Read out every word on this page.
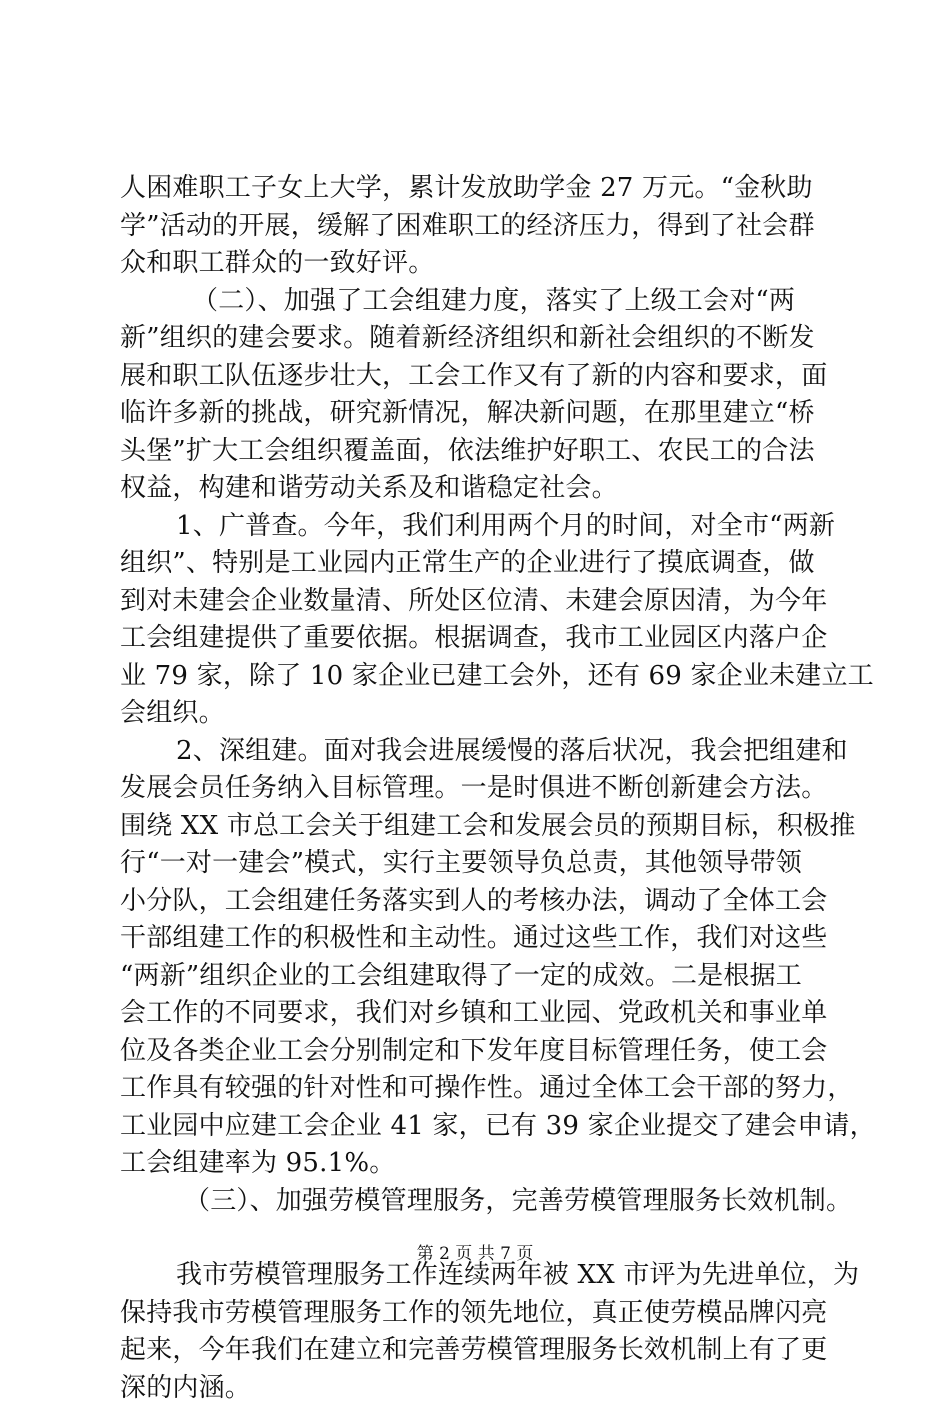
人困难职工子女上大学，累计发放助学金 27 万元。“金秋助
学”活动的开展，缓解了困难职工的经济压力，得到了社会群
众和职工群众的一致好评。
（二）、加强了工会组建力度，落实了上级工会对“两
新”组织的建会要求。随着新经济组织和新社会组织的不断发
展和职工队伍逐步壮大，工会工作又有了新的内容和要求，面
临许多新的挑战，研究新情况，解决新问题，在那里建立“桥
头堡”扩大工会组织覆盖面，依法维护好职工、农民工的合法
权益，构建和谐劳动关系及和谐稳定社会。
1、广普查。今年，我们利用两个月的时间，对全市“两新
组织”、特别是工业园内正常生产的企业进行了摸底调查，做
到对未建会企业数量清、所处区位清、未建会原因清，为今年
工会组建提供了重要依据。根据调查，我市工业园区内落户企
业 79 家，除了 10 家企业已建工会外，还有 69 家企业未建立工
会组织。
2、深组建。面对我会进展缓慢的落后状况，我会把组建和
发展会员任务纳入目标管理。一是时俱进不断创新建会方法。
围绕 XX 市总工会关于组建工会和发展会员的预期目标，积极推
行“一对一建会”模式，实行主要领导负总责，其他领导带领
小分队，工会组建任务落实到人的考核办法，调动了全体工会
干部组建工作的积极性和主动性。通过这些工作，我们对这些
“两新”组织企业的工会组建取得了一定的成效。二是根据工
会工作的不同要求，我们对乡镇和工业园、党政机关和事业单
位及各类企业工会分别制定和下发年度目标管理任务，使工会
工作具有较强的针对性和可操作性。通过全体工会干部的努力，
工业园中应建工会企业 41 家，已有 39 家企业提交了建会申请，
工会组建率为 95.1%。
（三）、加强劳模管理服务，完善劳模管理服务长效机制。
我市劳模管理服务工作连续两年被 XX 市评为先进单位，为
保持我市劳模管理服务工作的领先地位，真正使劳模品牌闪亮
起来，今年我们在建立和完善劳模管理服务长效机制上有了更
深的内涵。
第 2 页 共 7 页
